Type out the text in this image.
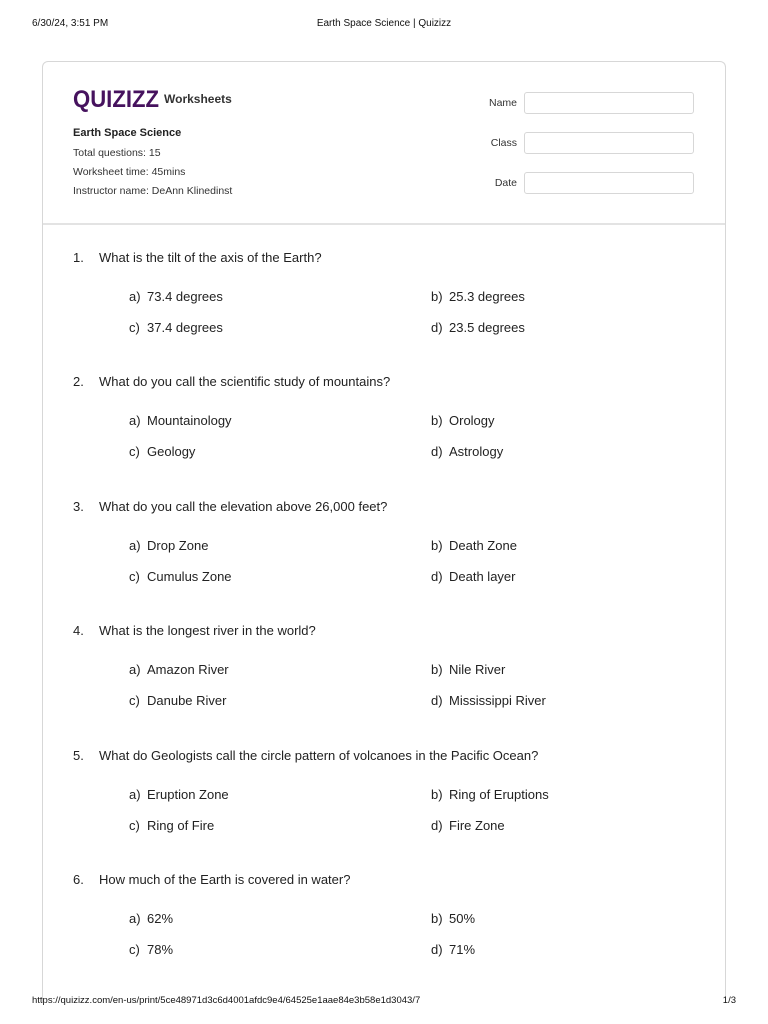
6/30/24, 3:51 PM	Earth Space Science | Quizizz
QUIZIZZ Worksheets
Earth Space Science
Total questions: 15
Worksheet time: 45mins
Instructor name: DeAnn Klinedinst
Name
Class
Date
1. What is the tilt of the axis of the Earth?
a) 73.4 degrees	b) 25.3 degrees
c) 37.4 degrees	d) 23.5 degrees
2. What do you call the scientific study of mountains?
a) Mountainology	b) Orology
c) Geology	d) Astrology
3. What do you call the elevation above 26,000 feet?
a) Drop Zone	b) Death Zone
c) Cumulus Zone	d) Death layer
4. What is the longest river in the world?
a) Amazon River	b) Nile River
c) Danube River	d) Mississippi River
5. What do Geologists call the circle pattern of volcanoes in the Pacific Ocean?
a) Eruption Zone	b) Ring of Eruptions
c) Ring of Fire	d) Fire Zone
6. How much of the Earth is covered in water?
a) 62%	b) 50%
c) 78%	d) 71%
https://quizizz.com/en-us/print/5ce48971d3c6d4001afdc9e4/64525e1aae84e3b58e1d3043/7	1/3
